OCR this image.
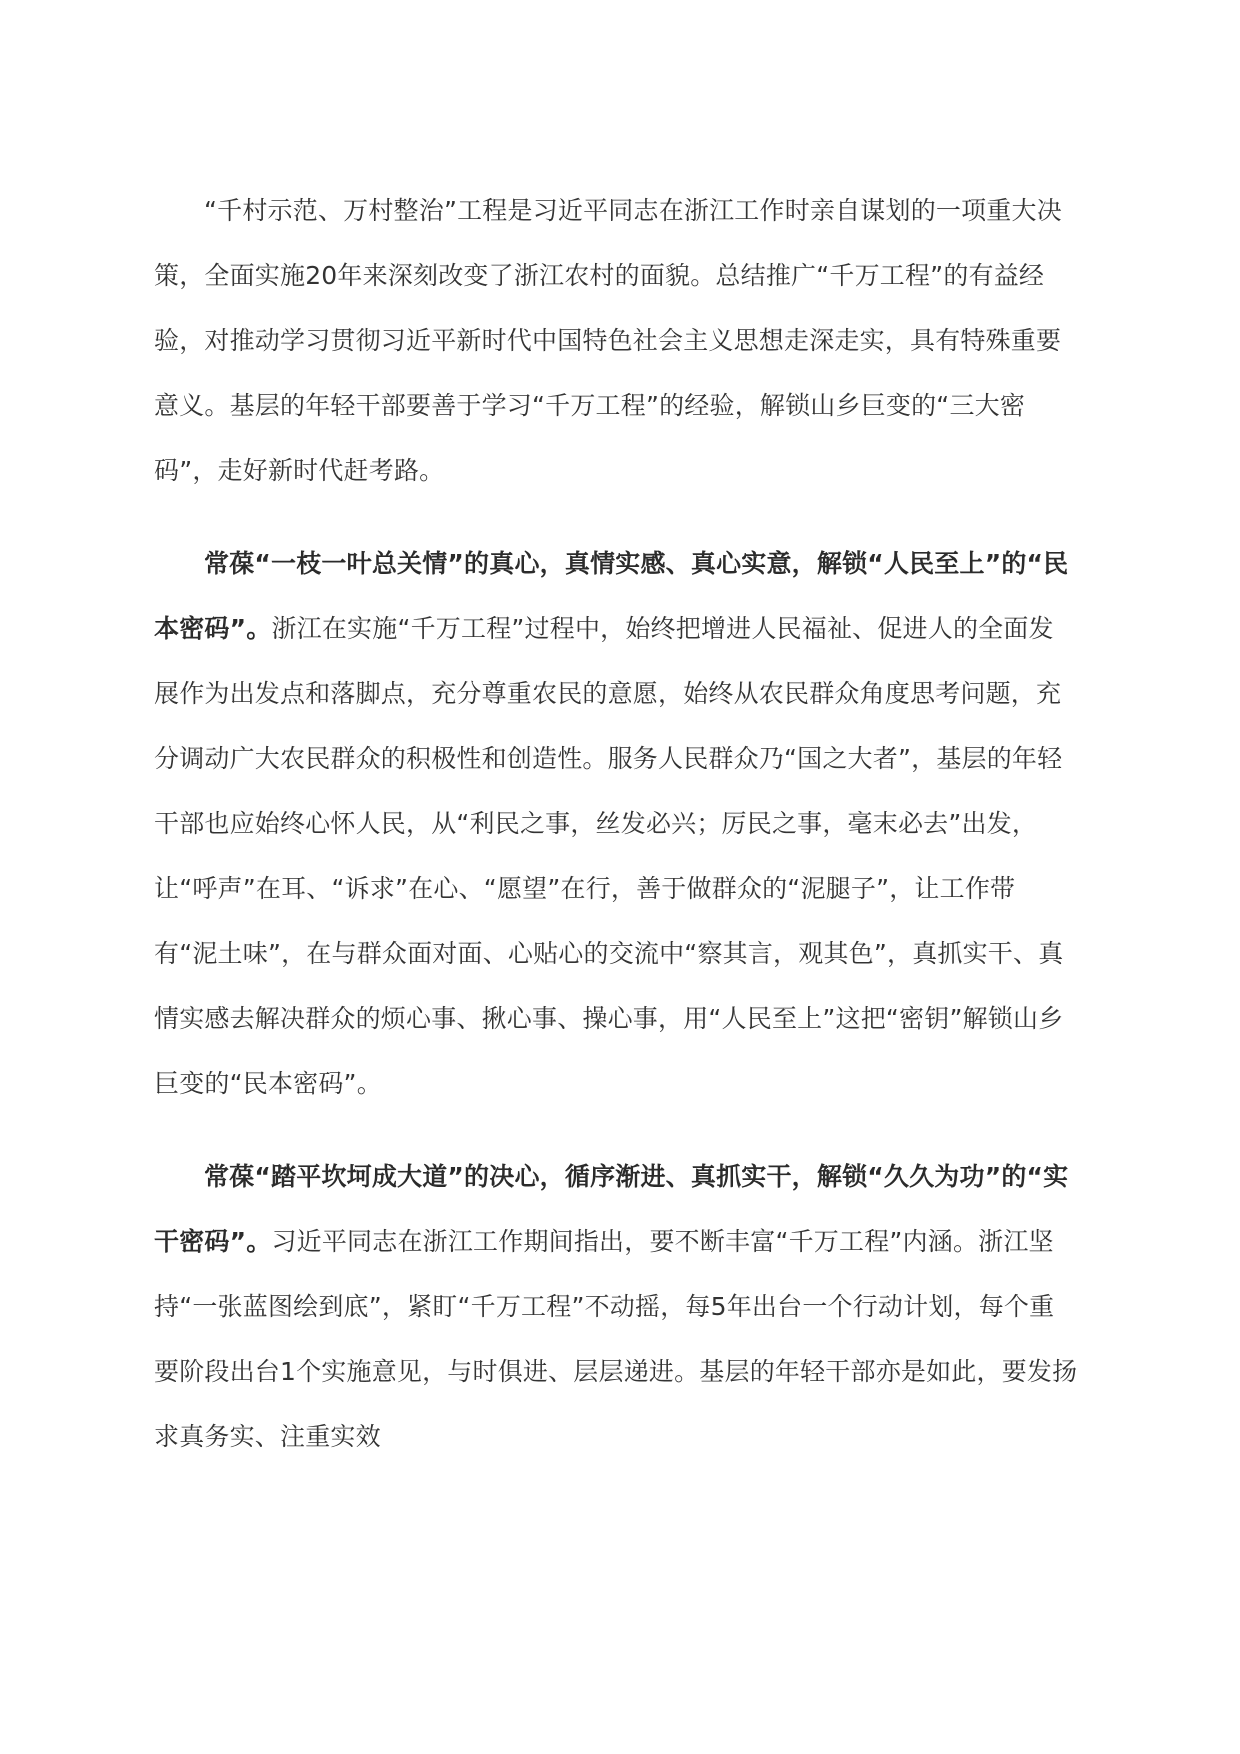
“千村示范、万村整治”工程是习近平同志在浙江工作时亲自谋划的一项重大决策，全面实施20年来深刻改变了浙江农村的面貌。总结推广“千万工程”的有益经验，对推动学习贯彻习近平新时代中国特色社会主义思想走深走实，具有特殊重要意义。基层的年轻干部要善于学习“千万工程”的经验，解锁山乡巨变的“三大密码”，走好新时代赶考路。

常葆“一枝一叶总关情”的真心，真情实感、真心实意，解锁“人民至上”的“民本密码”。浙江在实施“千万工程”过程中，始终把增进人民福祉、促进人的全面发展作为出发点和落脚点，充分尊重农民的意愿，始终从农民群众角度思考问题，充分调动广大农民群众的积极性和创造性。服务人民群众乃“国之大者”，基层的年轻干部也应始终心怀人民，从“利民之事，丝发必兴；厉民之事，毫末必去”出发，让“呼声”在耳、“诉求”在心、“愿望”在行，善于做群众的“泥腿子”，让工作带有“泥土味”，在与群众面对面、心贴心的交流中“察其言，观其色”，真抓实干、真情实感去解决群众的烦心事、揪心事、操心事，用“人民至上”这把“密钥”解锁山乡巨变的“民本密码”。

常葆“踏平坎坷成大道”的决心，循序渐进、真抓实干，解锁“久久为功”的“实干密码”。习近平同志在浙江工作期间指出，要不断丰富“千万工程”内涵。浙江坚持“一张蓝图绘到底”，紧盯“千万工程”不动摇，每5年出台一个行动计划，每个重要阶段出台1个实施意见，与时俱进、层层递进。基层的年轻干部亦是如此，要发扬求真务实、注重实效
